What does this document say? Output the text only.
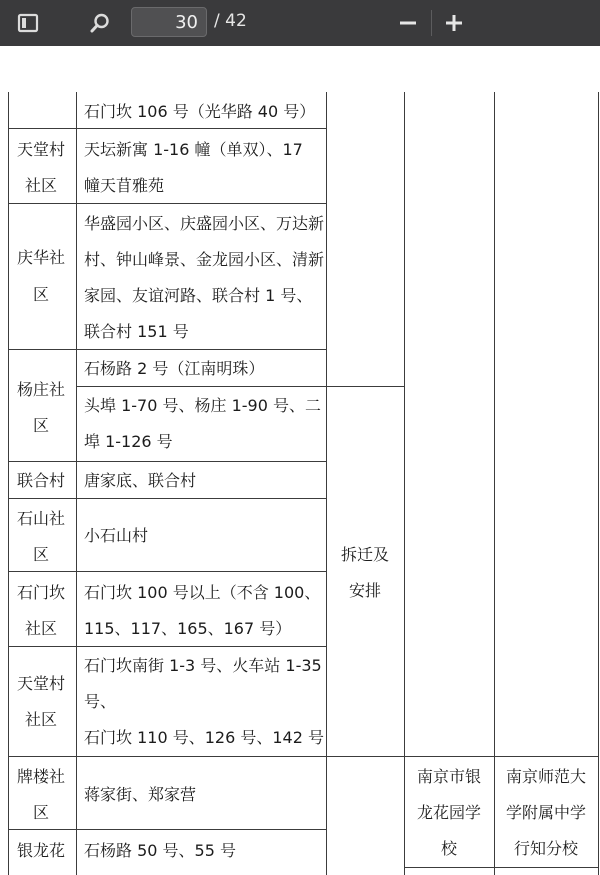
30
/ 42
石门坎 106 号（光华路 40 号）
天堂村
社区
天坛新寓 1-16 幢（单双）、17
幢天苜雅苑
庆华社
区
华盛园小区、庆盛园小区、万达新
村、钟山峰景、金龙园小区、清新
家园、友谊河路、联合村 1 号、
联合村 151 号
杨庄社
区
石杨路 2 号（江南明珠）
头埠 1-70 号、杨庄 1-90 号、二
埠 1-126 号
联合村	唐家底、联合村
石山社
区
小石山村
石门坎
社区
石门坎 100 号以上（不含 100、
115、117、165、167 号）
天堂村
社区
石门坎南街 1-3 号、火车站 1-35
号、
石门坎 110 号、126 号、142 号
拆迁及
安排
牌楼社
区
蒋家街、郑家营
南京市银
龙花园学
校
南京师范大
学附属中学
行知分校
银龙花	石杨路 50 号、55 号
